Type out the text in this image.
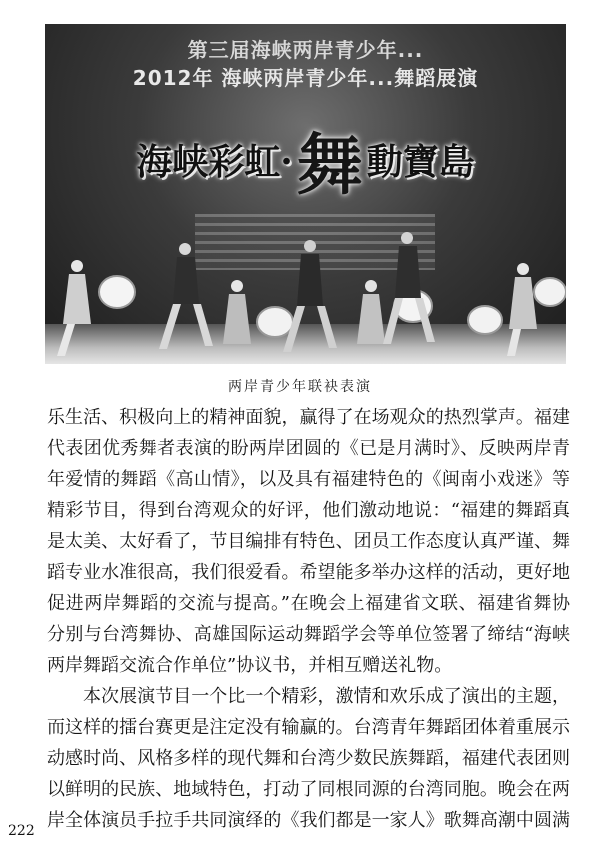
第三届海峡两岸青少年...
2012年 海峡两岸青少年...舞蹈展演
海峡彩虹·舞 動寶島
两岸青少年联袂表演
乐生活、积极向上的精神面貌，赢得了在场观众的热烈掌声。福建
代表团优秀舞者表演的盼两岸团圆的《已是月满时》、反映两岸青
年爱情的舞蹈《高山情》，以及具有福建特色的《闽南小戏迷》等
精彩节目，得到台湾观众的好评，他们激动地说：“福建的舞蹈真
是太美、太好看了，节目编排有特色、团员工作态度认真严谨、舞
蹈专业水准很高，我们很爱看。希望能多举办这样的活动，更好地
促进两岸舞蹈的交流与提高。”在晚会上福建省文联、福建省舞协
分别与台湾舞协、高雄国际运动舞蹈学会等单位签署了缔结“海峡
两岸舞蹈交流合作单位”协议书，并相互赠送礼物。
本次展演节目一个比一个精彩，激情和欢乐成了演出的主题，
而这样的擂台赛更是注定没有输赢的。台湾青年舞蹈团体着重展示
动感时尚、风格多样的现代舞和台湾少数民族舞蹈，福建代表团则
以鲜明的民族、地域特色，打动了同根同源的台湾同胞。晚会在两
岸全体演员手拉手共同演绎的《我们都是一家人》歌舞高潮中圆满
222
